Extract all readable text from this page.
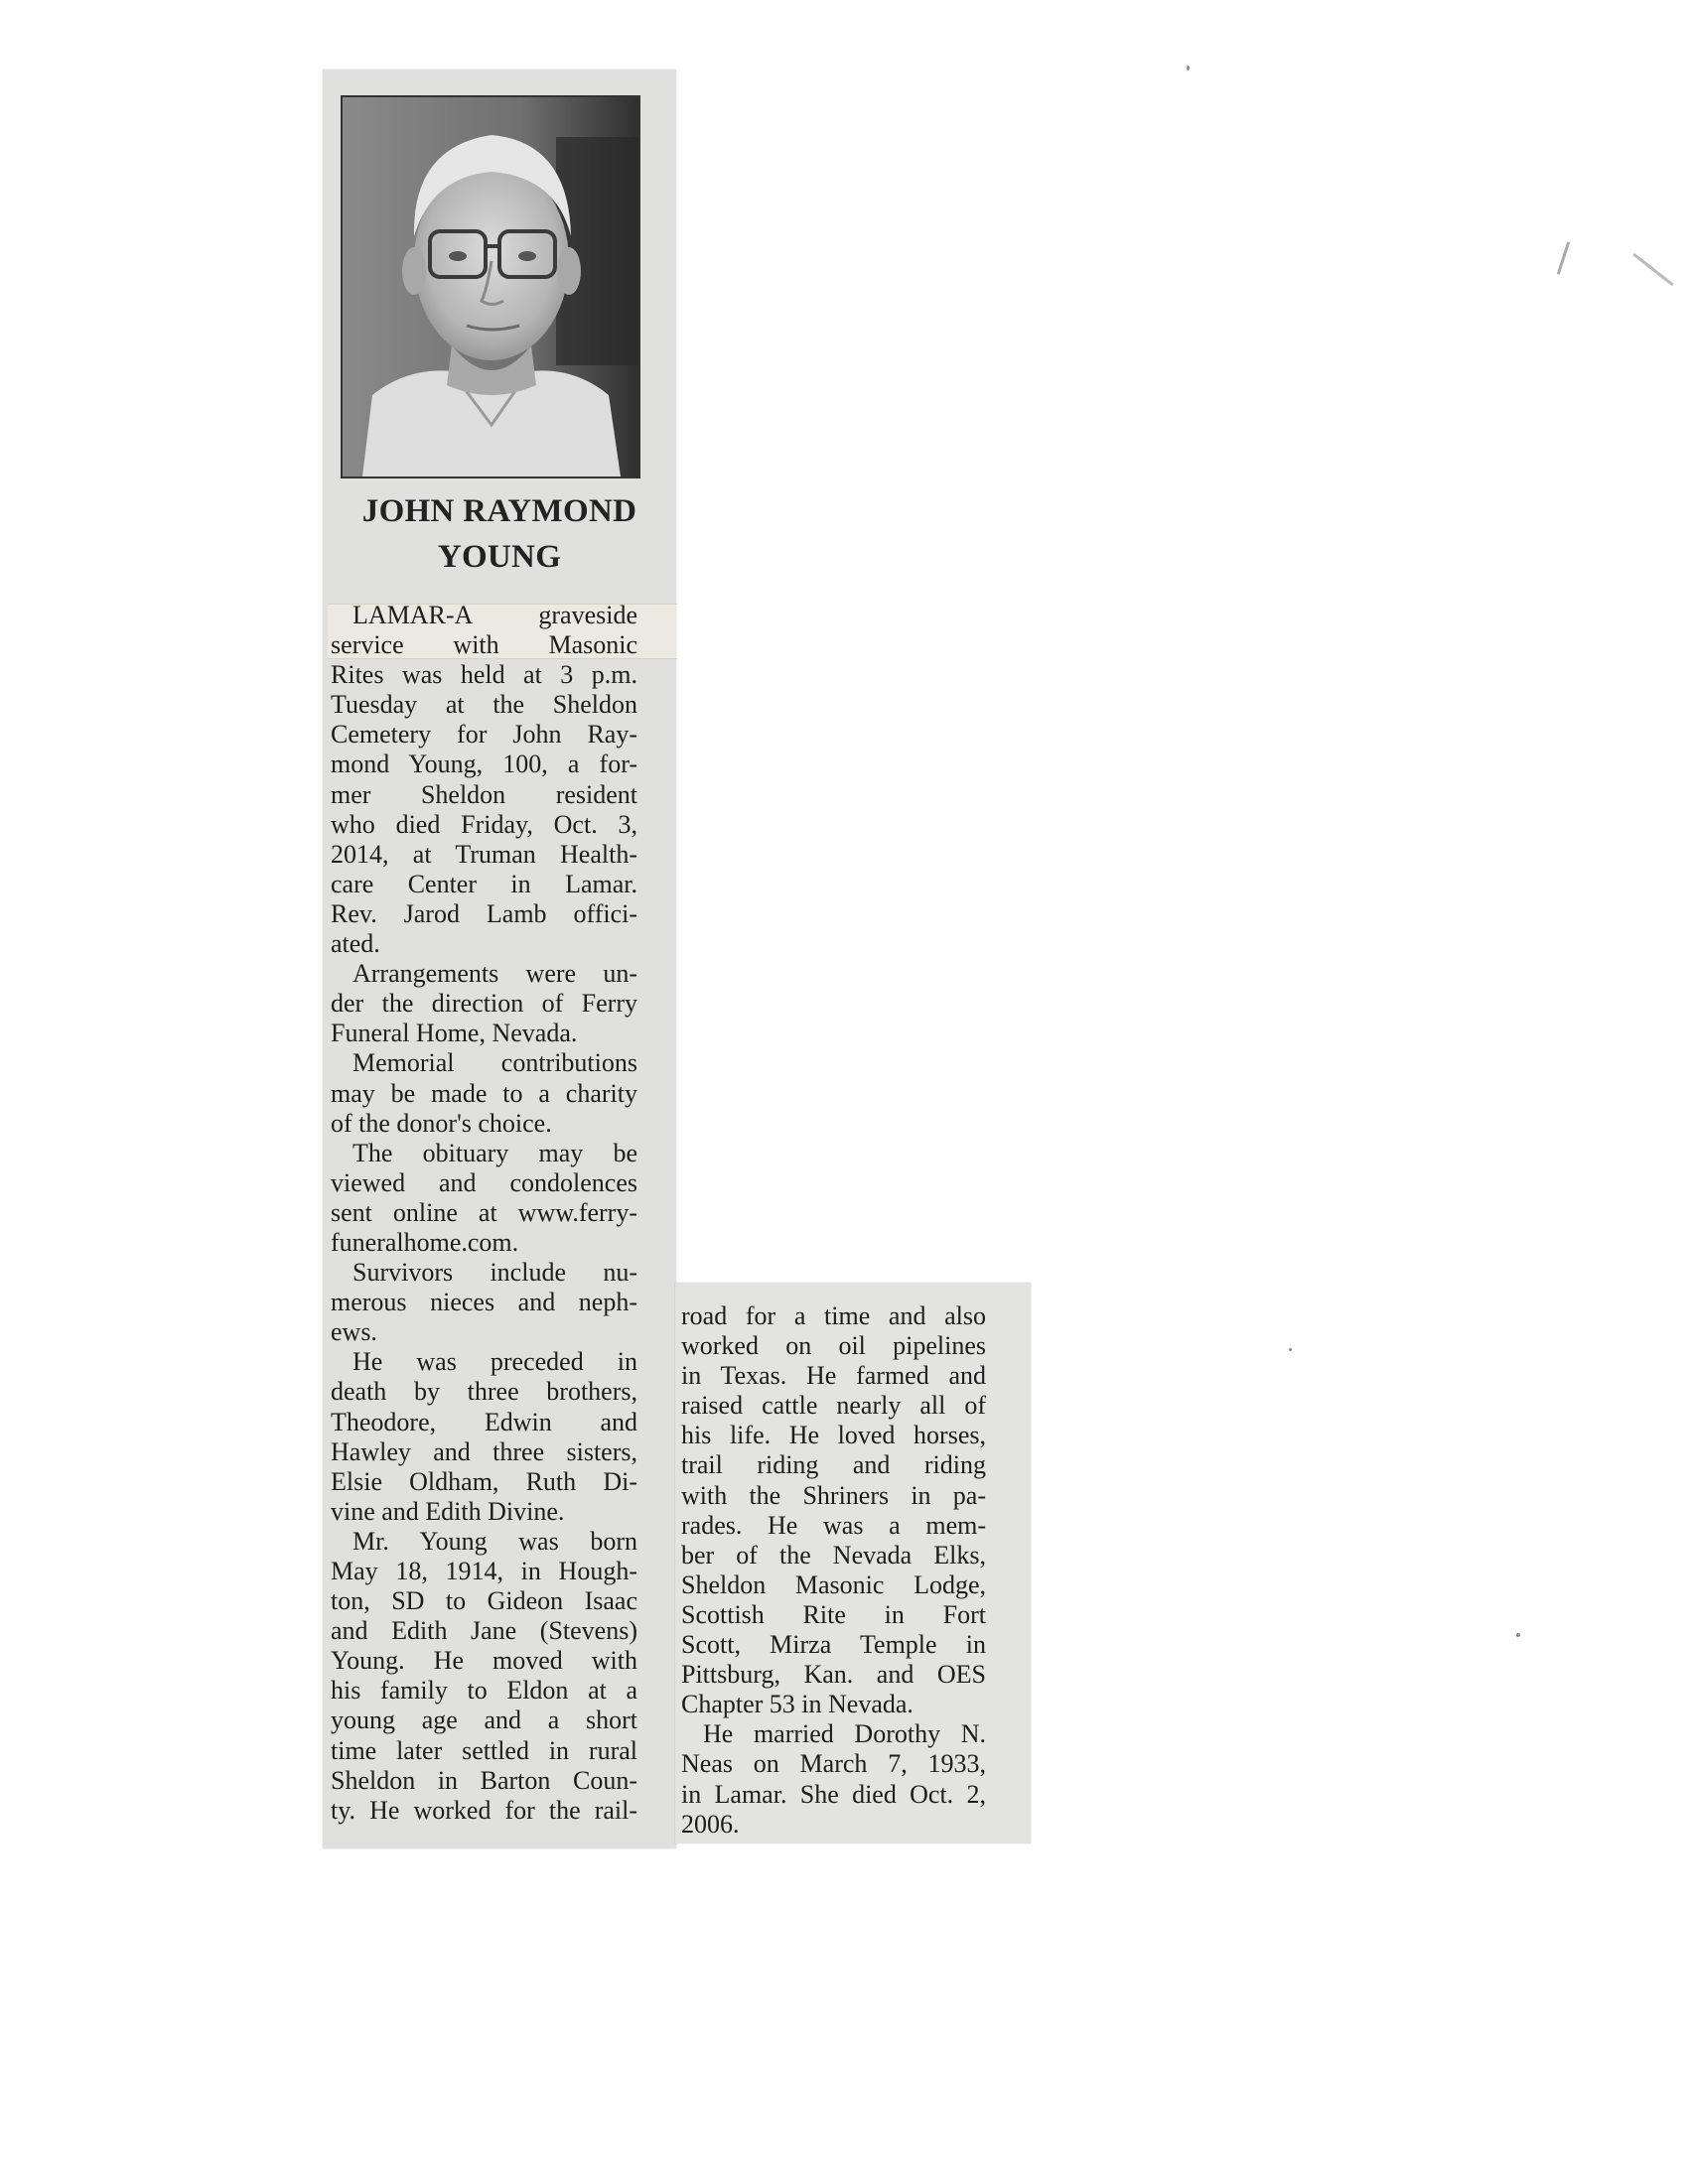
JOHN RAYMOND
YOUNG
LAMAR-A graveside
service with Masonic
Rites was held at 3 p.m.
Tuesday at the Sheldon
Cemetery for John Ray-
mond Young, 100, a for-
mer Sheldon resident
who died Friday, Oct. 3,
2014, at Truman Health-
care Center in Lamar.
Rev. Jarod Lamb offici-
ated.
Arrangements were un-
der the direction of Ferry
Funeral Home, Nevada.
Memorial contributions
may be made to a charity
of the donor's choice.
The obituary may be
viewed and condolences
sent online at www.ferry-
funeralhome.com.
Survivors include nu-
merous nieces and neph-
ews.
He was preceded in
death by three brothers,
Theodore, Edwin and
Hawley and three sisters,
Elsie Oldham, Ruth Di-
vine and Edith Divine.
Mr. Young was born
May 18, 1914, in Hough-
ton, SD to Gideon Isaac
and Edith Jane (Stevens)
Young. He moved with
his family to Eldon at a
young age and a short
time later settled in rural
Sheldon in Barton Coun-
ty. He worked for the rail-
road for a time and also
worked on oil pipelines
in Texas. He farmed and
raised cattle nearly all of
his life. He loved horses,
trail riding and riding
with the Shriners in pa-
rades. He was a mem-
ber of the Nevada Elks,
Sheldon Masonic Lodge,
Scottish Rite in Fort
Scott, Mirza Temple in
Pittsburg, Kan. and OES
Chapter 53 in Nevada.
He married Dorothy N.
Neas on March 7, 1933,
in Lamar. She died Oct. 2,
2006.
